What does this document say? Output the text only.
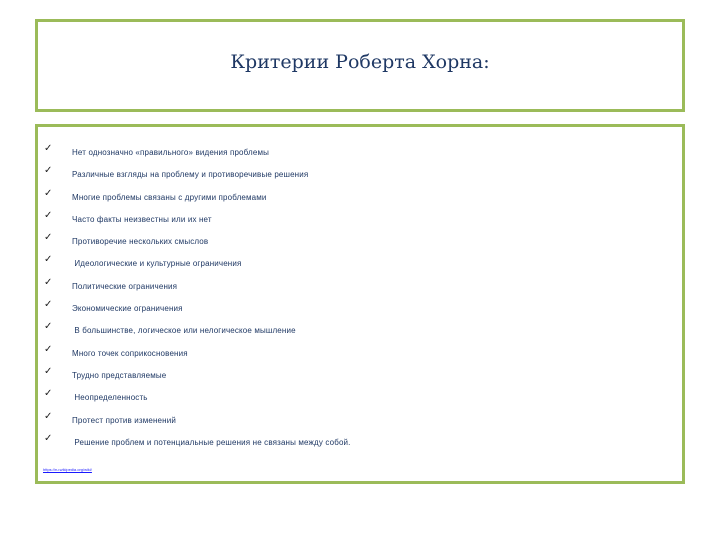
Критерии Роберта Хорна:
✓	Нет однозначно «правильного» видения проблемы
✓	Различные взгляды на проблему и противоречивые решения
✓	Многие проблемы связаны с другими проблемами
✓	Часто факты неизвестны или их нет
✓	Противоречие нескольких смыслов
✓	Идеологические и культурные ограничения
✓	Политические ограничения
✓	Экономические ограничения
✓	В большинстве, логическое или нелогическое мышление
✓	Много точек соприкосновения
✓	Трудно представляемые
✓	Неопределенность
✓	Протест против изменений
✓	Решение проблем и потенциальные решения не связаны между собой.
https://ru.wikipedia.org/wiki/
